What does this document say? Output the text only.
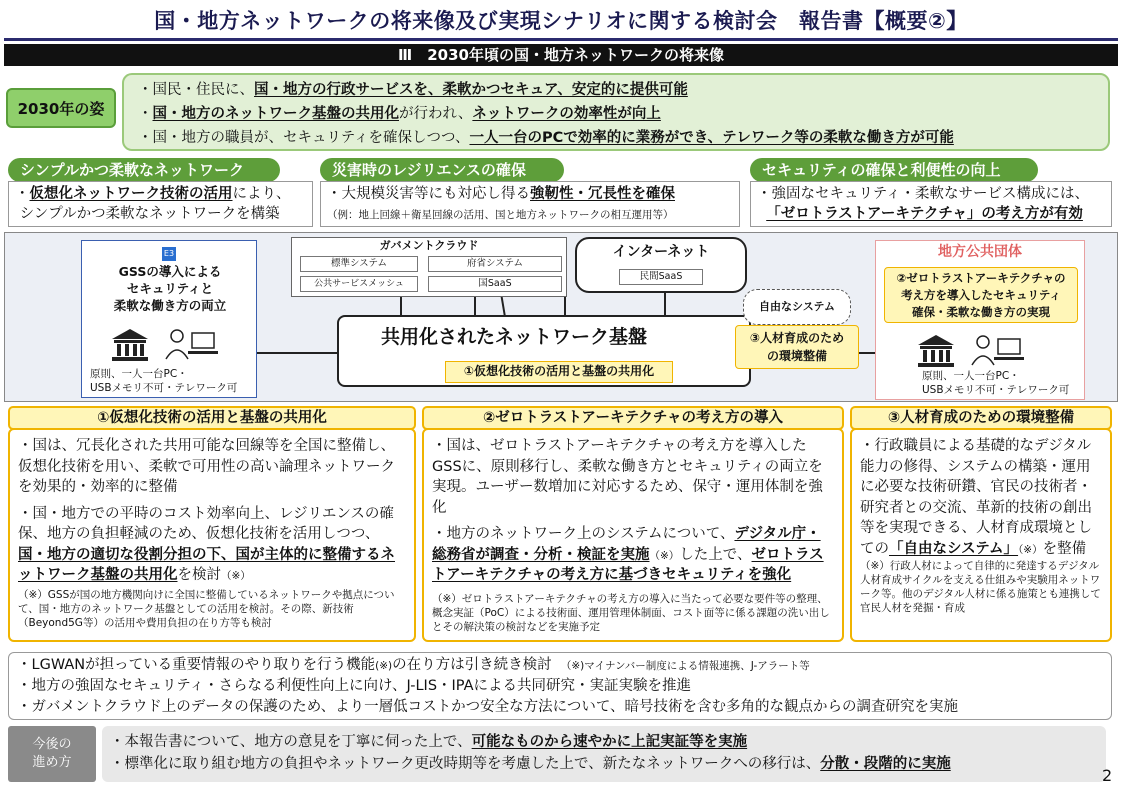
国・地方ネットワークの将来像及び実現シナリオに関する検討会　報告書【概要②】
Ⅲ　2030年頃の国・地方ネットワークの将来像
2030年の姿
・国民・住民に、国・地方の行政サービスを、柔軟かつセキュア、安定的に提供可能
・国・地方のネットワーク基盤の共用化が行われ、ネットワークの効率性が向上
・国・地方の職員が、セキュリティを確保しつつ、一人一台のPCで効率的に業務ができ、テレワーク等の柔軟な働き方が可能
シンプルかつ柔軟なネットワーク
・仮想化ネットワーク技術の活用により、
シンプルかつ柔軟なネットワークを構築
災害時のレジリエンスの確保
・大規模災害等にも対応し得る強靭性・冗長性を確保
（例：地上回線＋衛星回線の活用、国と地方ネットワークの相互運用等）
セキュリティの確保と利便性の向上
・強固なセキュリティ・柔軟なサービス構成には、
「ゼロトラストアーキテクチャ」の考え方が有効
E3
GSSの導入による
セキュリティと
柔軟な働き方の両立
原則、一人一台PC・
USBメモリ不可・テレワーク可
ガバメントクラウド
標準システム	府省システム
公共サービスメッシュ	国SaaS
インターネット
民間SaaS
共用化されたネットワーク基盤
①仮想化技術の活用と基盤の共用化
自由なシステム
③人材育成のため
の環境整備
地方公共団体
②ゼロトラストアーキテクチャの
考え方を導入したセキュリティ
確保・柔軟な働き方の実現
原則、一人一台PC・
USBメモリ不可・テレワーク可
①仮想化技術の活用と基盤の共用化
・国は、冗長化された共用可能な回線等を全国に整備し、仮想化技術を用い、柔軟で可用性の高い論理ネットワークを効果的・効率的に整備
・国・地方での平時のコスト効率向上、レジリエンスの確保、地方の負担軽減のため、仮想化技術を活用しつつ、国・地方の適切な役割分担の下、国が主体的に整備するネットワーク基盤の共用化を検討（※）
（※）GSSが国の地方機関向けに全国に整備しているネットワークや拠点について、国・地方のネットワーク基盤としての活用を検討。その際、新技術（Beyond5G等）の活用や費用負担の在り方等も検討
②ゼロトラストアーキテクチャの考え方の導入
・国は、ゼロトラストアーキテクチャの考え方を導入したGSSに、原則移行し、柔軟な働き方とセキュリティの両立を実現。ユーザー数増加に対応するため、保守・運用体制を強化
・地方のネットワーク上のシステムについて、デジタル庁・総務省が調査・分析・検証を実施（※）した上で、ゼロトラストアーキテクチャの考え方に基づきセキュリティを強化
（※）ゼロトラストアーキテクチャの考え方の導入に当たって必要な要件等の整理、概念実証（PoC）による技術面、運用管理体制面、コスト面等に係る課題の洗い出しとその解決策の検討などを実施予定
③人材育成のための環境整備
・行政職員による基礎的なデジタル能力の修得、システムの構築・運用に必要な技術研鑽、官民の技術者・研究者との交流、革新的技術の創出等を実現できる、人材育成環境としての「自由なシステム」（※）を整備
（※）行政人材によって自律的に発達するデジタル人材育成サイクルを支える仕組みや実験用ネットワーク等。他のデジタル人材に係る施策とも連携して官民人材を発掘・育成
・LGWANが担っている重要情報のやり取りを行う機能(※)の在り方は引き続き検討 （※)マイナンバー制度による情報連携、J-アラート等
・地方の強固なセキュリティ・さらなる利便性向上に向け、J-LIS・IPAによる共同研究・実証実験を推進
・ガバメントクラウド上のデータの保護のため、より一層低コストかつ安全な方法について、暗号技術を含む多角的な観点からの調査研究を実施
今後の
進め方
・本報告書について、地方の意見を丁寧に伺った上で、可能なものから速やかに上記実証等を実施
・標準化に取り組む地方の負担やネットワーク更改時期等を考慮した上で、新たなネットワークへの移行は、分散・段階的に実施
2
